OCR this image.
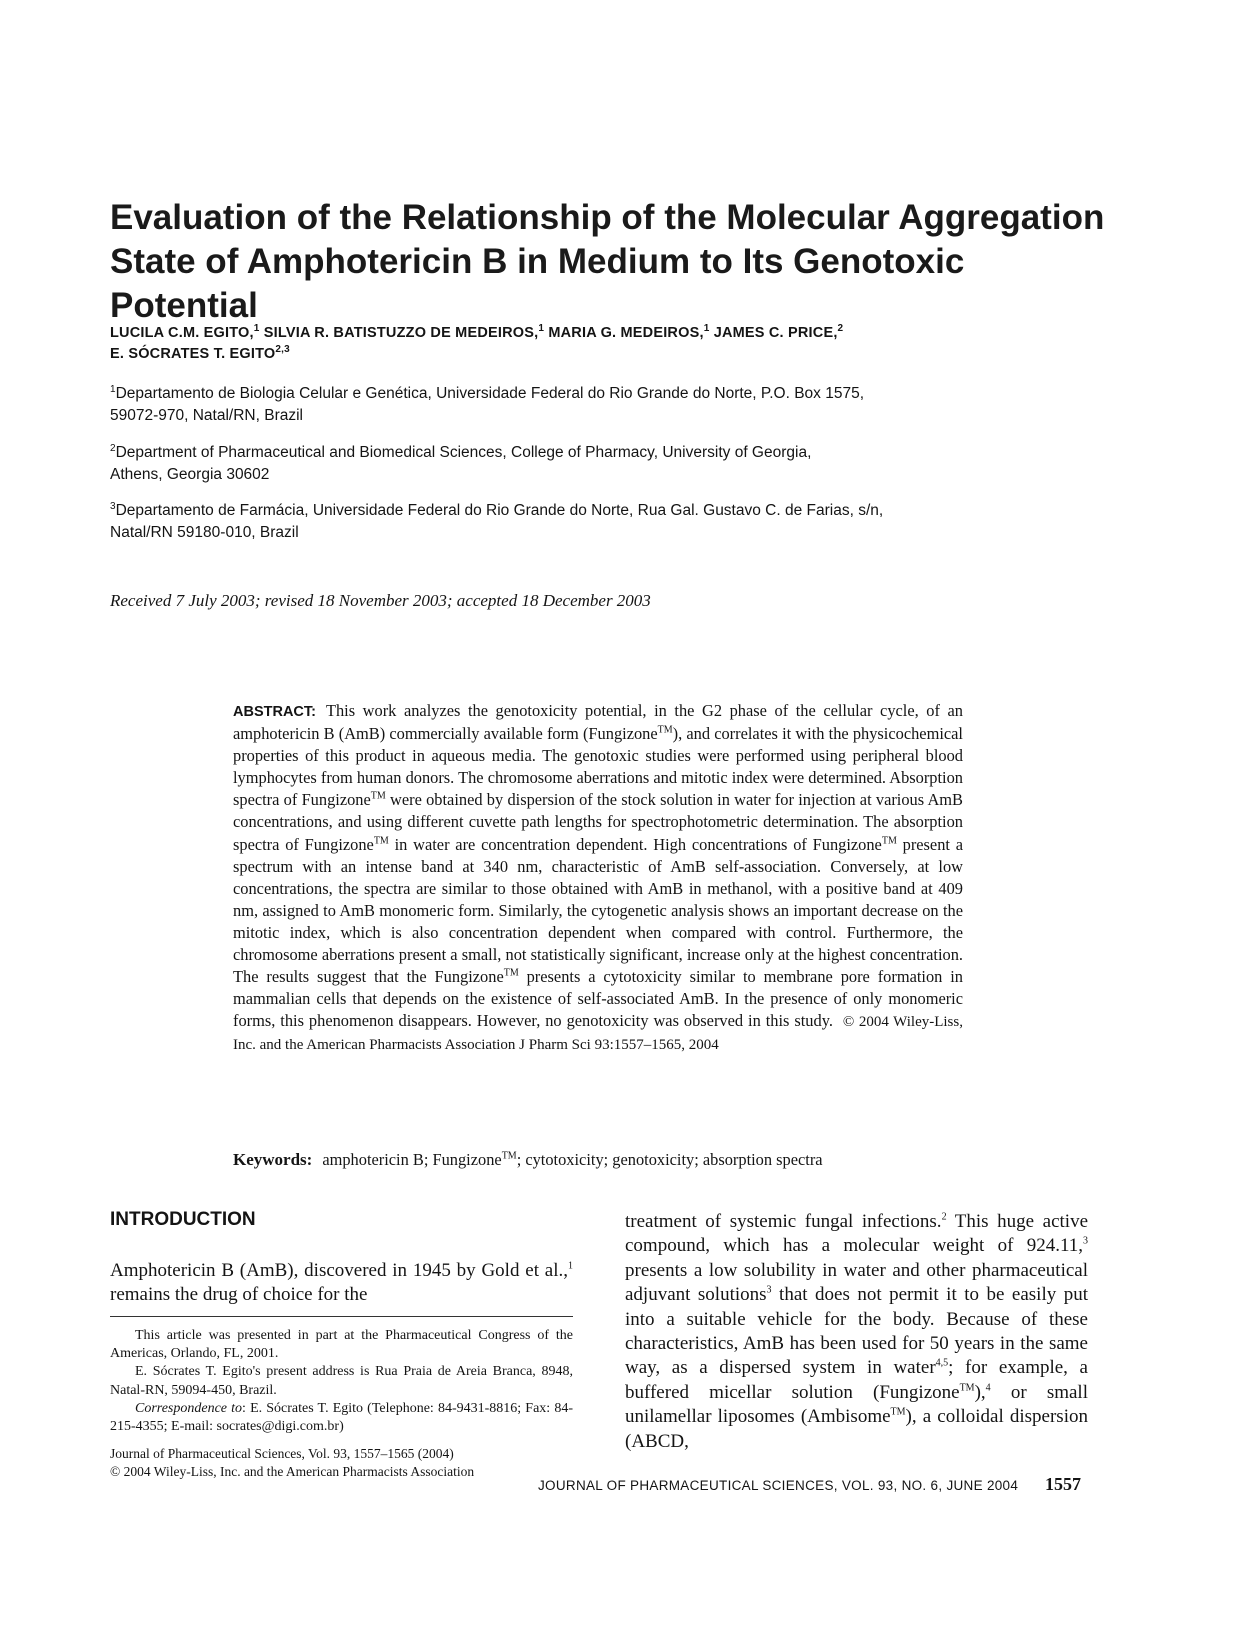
Evaluation of the Relationship of the Molecular Aggregation
State of Amphotericin B in Medium to Its Genotoxic Potential

LUCILA C.M. EGITO,$^1$ SILVIA R. BATISTUZZO DE MEDEIROS,$^1$ MARIA G. MEDEIROS,$^1$ JAMES C. PRICE,$^2$
E. SÓCRATES T. EGITO$^{2,3}$

$^1$Departamento de Biologia Celular e Genética, Universidade Federal do Rio Grande do Norte, P.O. Box 1575,
59072-970, Natal/RN, Brazil

$^2$Department of Pharmaceutical and Biomedical Sciences, College of Pharmacy, University of Georgia,
Athens, Georgia 30602

$^3$Departamento de Farmácia, Universidade Federal do Rio Grande do Norte, Rua Gal. Gustavo C. de Farias, s/n,
Natal/RN 59180-010, Brazil

Received 7 July 2003; revised 18 November 2003; accepted 18 December 2003

ABSTRACT: This work analyzes the genotoxicity potential, in the G2 phase of the cellular cycle, of an amphotericin B (AmB) commercially available form (Fungizone™), and correlates it with the physicochemical properties of this product in aqueous media. The genotoxic studies were performed using peripheral blood lymphocytes from human donors. The chromosome aberrations and mitotic index were determined. Absorption spectra of Fungizone™ were obtained by dispersion of the stock solution in water for injection at various AmB concentrations, and using different cuvette path lengths for spectrophotometric determination. The absorption spectra of Fungizone™ in water are concentration dependent. High concentrations of Fungizone™ present a spectrum with an intense band at 340 nm, characteristic of AmB self-association. Conversely, at low concentrations, the spectra are similar to those obtained with AmB in methanol, with a positive band at 409 nm, assigned to AmB monomeric form. Similarly, the cytogenetic analysis shows an important decrease on the mitotic index, which is also concentration dependent when compared with control. Furthermore, the chromosome aberrations present a small, not statistically significant, increase only at the highest concentration. The results suggest that the Fungizone™ presents a cytotoxicity similar to membrane pore formation in mammalian cells that depends on the existence of self-associated AmB. In the presence of only monomeric forms, this phenomenon disappears. However, no genotoxicity was observed in this study. © 2004 Wiley-Liss, Inc. and the American Pharmacists Association J Pharm Sci 93:1557–1565, 2004

Keywords: amphotericin B; Fungizone™; cytotoxicity; genotoxicity; absorption spectra

INTRODUCTION

Amphotericin B (AmB), discovered in 1945 by Gold et al.,$^1$ remains the drug of choice for the

treatment of systemic fungal infections.$^2$ This huge active compound, which has a molecular weight of 924.11,$^3$ presents a low solubility in water and other pharmaceutical adjuvant solutions$^3$ that does not permit it to be easily put into a suitable vehicle for the body. Because of these characteristics, AmB has been used for 50 years in the same way, as a dispersed system in water$^{4,5}$; for example, a buffered micellar solution (Fungizone™),$^4$ or small unilamellar liposomes (Ambisome™), a colloidal dispersion (ABCD,

This article was presented in part at the Pharmaceutical Congress of the Americas, Orlando, FL, 2001.

E. Sócrates T. Egito's present address is Rua Praia de Areia Branca, 8948, Natal-RN, 59094-450, Brazil.

Correspondence to: E. Sócrates T. Egito (Telephone: 84-9431-8816; Fax: 84-215-4355; E-mail: socrates@digi.com.br)

Journal of Pharmaceutical Sciences, Vol. 93, 1557–1565 (2004)

© 2004 Wiley-Liss, Inc. and the American Pharmacists Association

JOURNAL OF PHARMACEUTICAL SCIENCES, VOL. 93, NO. 6, JUNE 2004 1557
